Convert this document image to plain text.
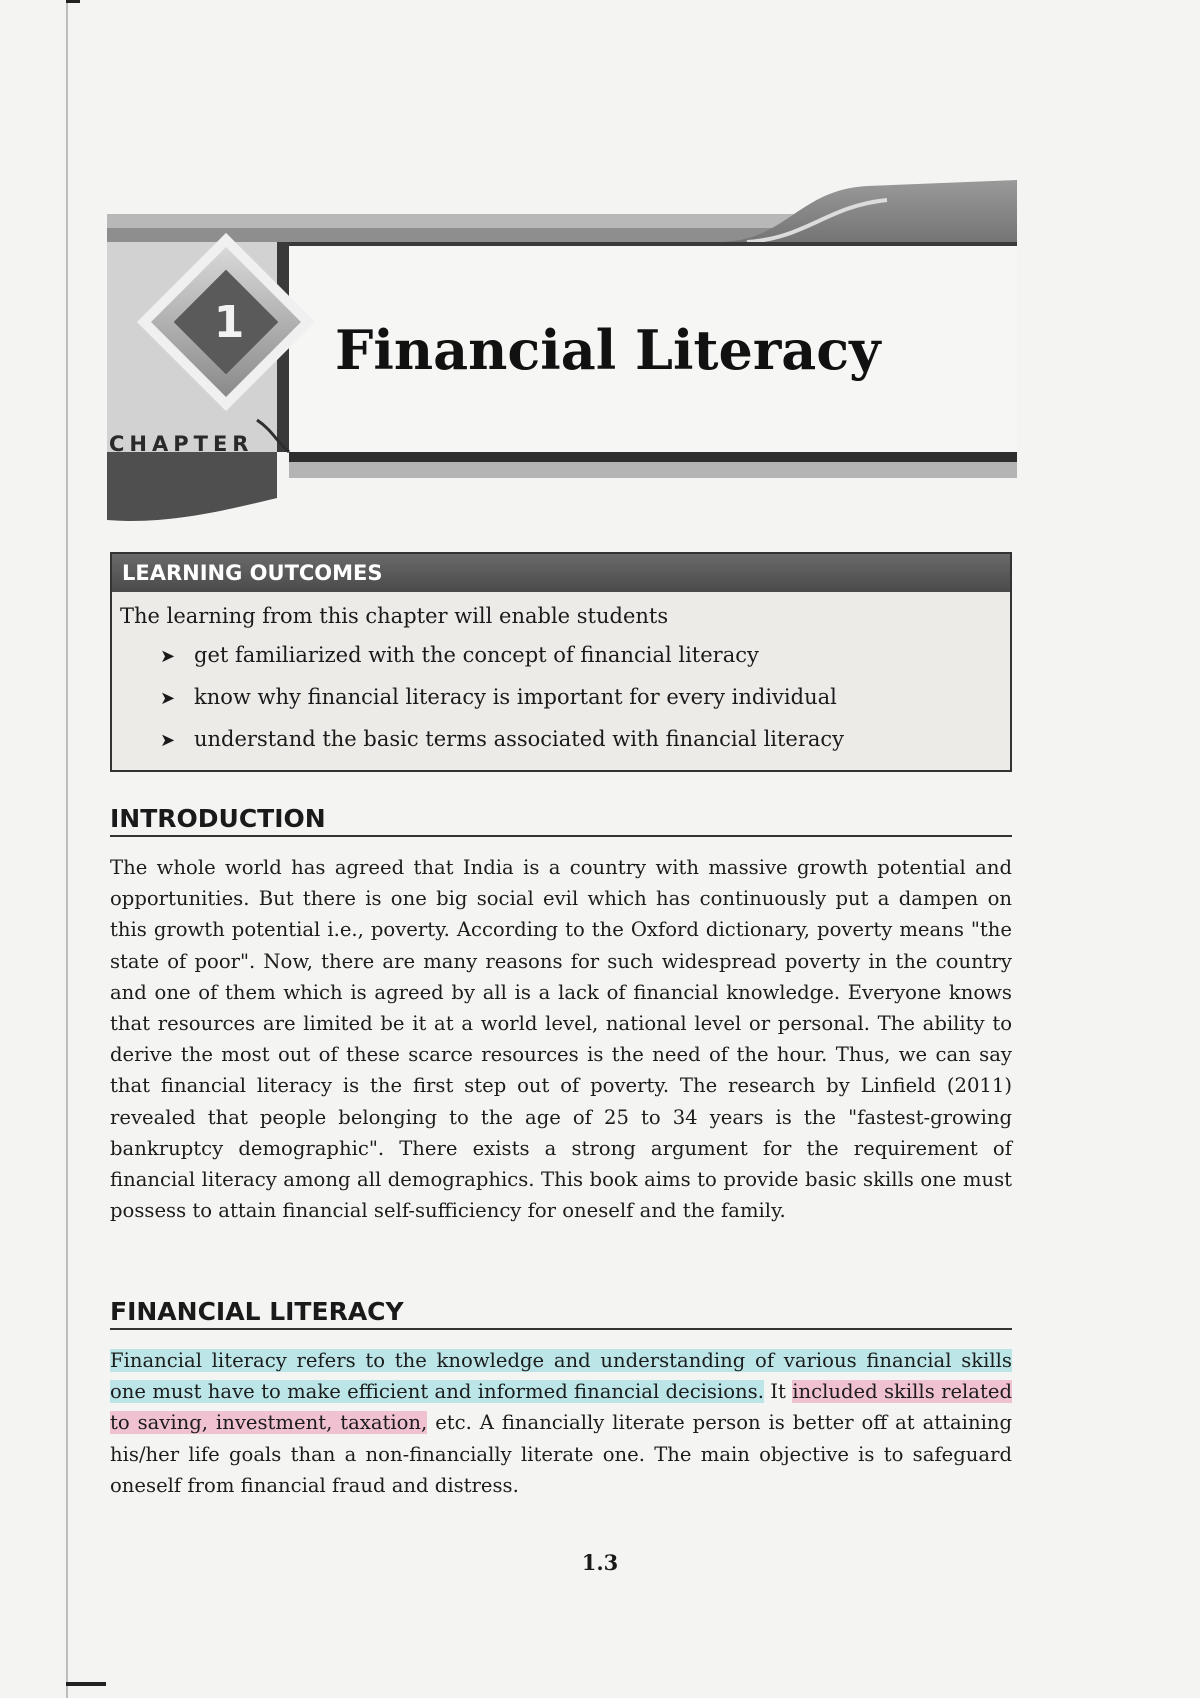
1
CHAPTER
Financial Literacy
LEARNING OUTCOMES
The learning from this chapter will enable students
➤ get familiarized with the concept of financial literacy
➤ know why financial literacy is important for every individual
➤ understand the basic terms associated with financial literacy
INTRODUCTION

The whole world has agreed that India is a country with massive growth potential and opportunities. But there is one big social evil which has continuously put a dampen on this growth potential i.e., poverty. According to the Oxford dictionary, poverty means "the state of poor". Now, there are many reasons for such widespread poverty in the country and one of them which is agreed by all is a lack of financial knowledge. Everyone knows that resources are limited be it at a world level, national level or personal. The ability to derive the most out of these scarce resources is the need of the hour. Thus, we can say that financial literacy is the first step out of poverty. The research by Linfield (2011) revealed that people belonging to the age of 25 to 34 years is the "fastest-growing bankruptcy demographic". There exists a strong argument for the requirement of financial literacy among all demographics. This book aims to provide basic skills one must possess to attain financial self-sufficiency for oneself and the family.

FINANCIAL LITERACY

Financial literacy refers to the knowledge and understanding of various financial skills one must have to make efficient and informed financial decisions. It included skills related to saving, investment, taxation, etc. A financially literate person is better off at attaining his/her life goals than a non-financially literate one. The main objective is to safeguard oneself from financial fraud and distress.

1.3
